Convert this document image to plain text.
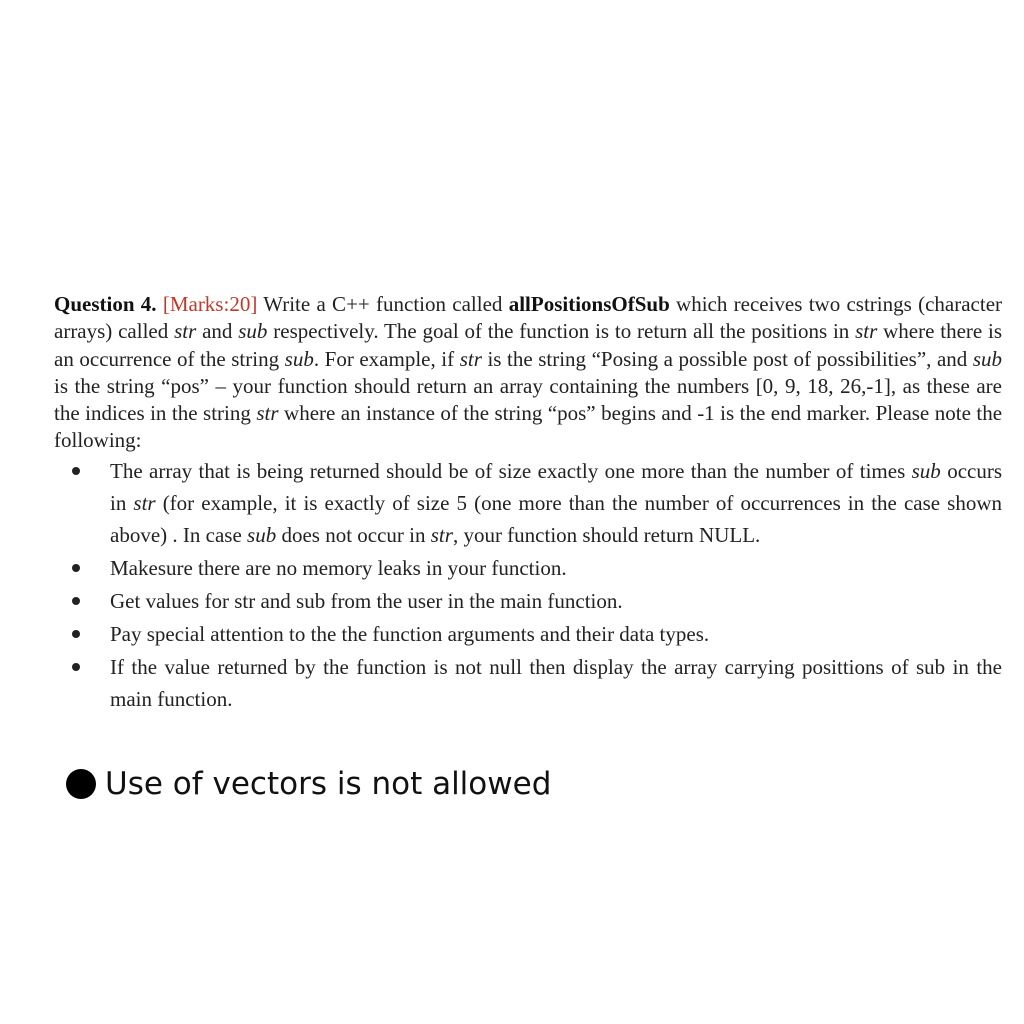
Question 4. [Marks:20] Write a C++ function called allPositionsOfSub which receives two cstrings (character arrays) called str and sub respectively. The goal of the function is to return all the positions in str where there is an occurrence of the string sub. For example, if str is the string “Posing a possible post of possibilities”, and sub is the string “pos” – your function should return an array containing the numbers [0, 9, 18, 26,-1], as these are the indices in the string str where an instance of the string “pos” begins and -1 is the end marker. Please note the following:
The array that is being returned should be of size exactly one more than the number of times sub occurs in str (for example, it is exactly of size 5 (one more than the number of occurrences in the case shown above) . In case sub does not occur in str, your function should return NULL.
Makesure there are no memory leaks in your function.
Get values for str and sub from the user in the main function.
Pay special attention to the the function arguments and their data types.
If the value returned by the function is not null then display the array carrying posittions of sub in the main function.
Use of vectors is not allowed
